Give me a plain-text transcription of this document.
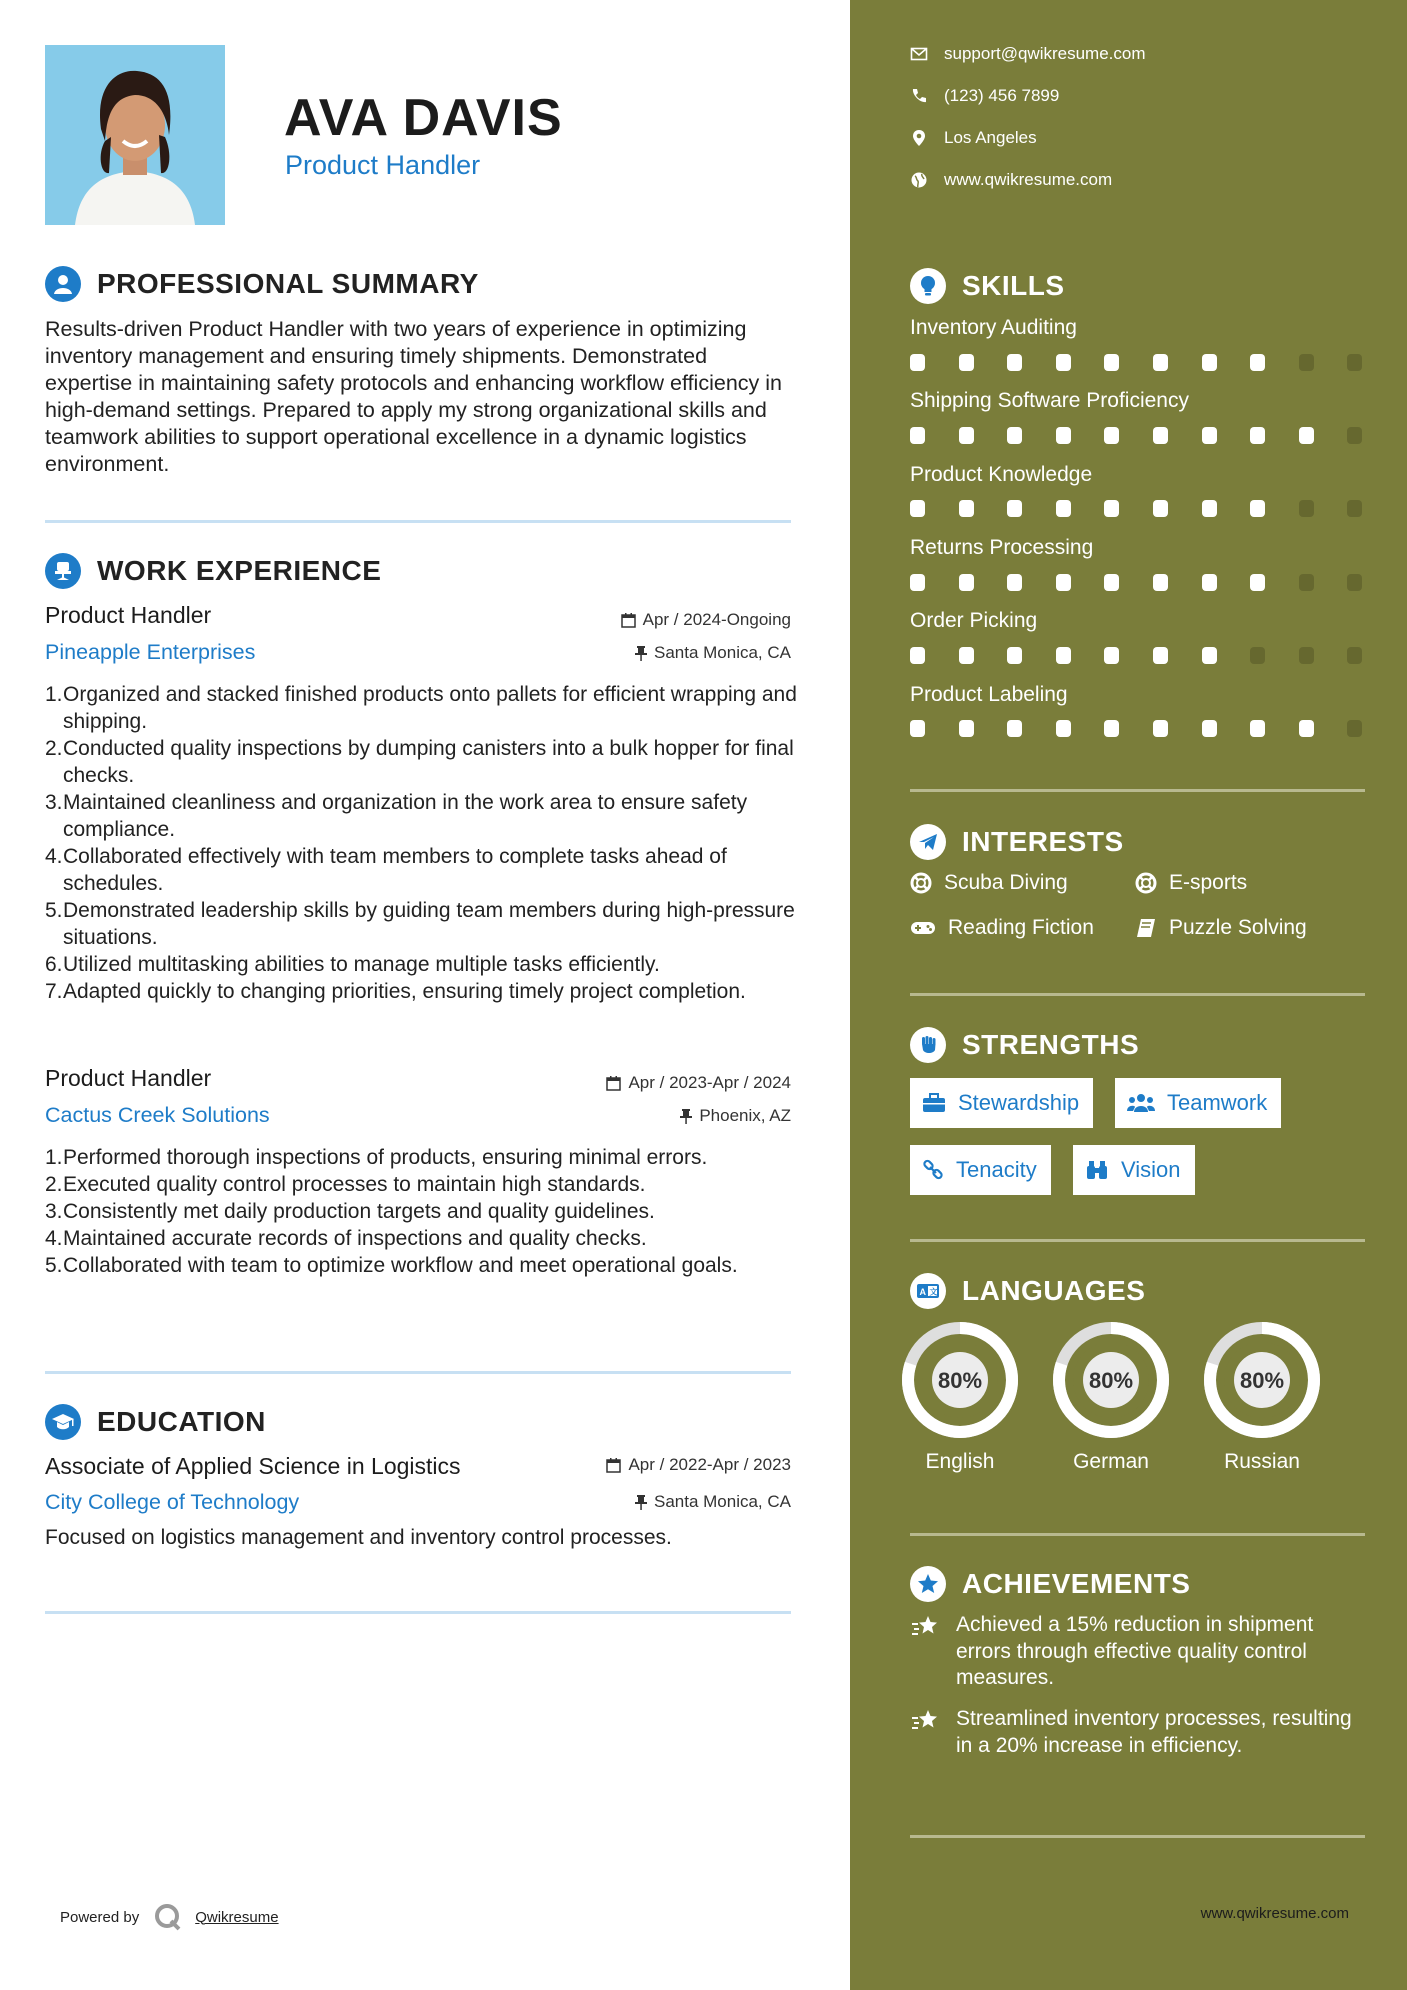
AVA DAVIS
Product Handler
PROFESSIONAL SUMMARY
Results-driven Product Handler with two years of experience in optimizing inventory management and ensuring timely shipments. Demonstrated expertise in maintaining safety protocols and enhancing workflow efficiency in high-demand settings. Prepared to apply my strong organizational skills and teamwork abilities to support operational excellence in a dynamic logistics environment.
WORK EXPERIENCE
Product Handler	Apr / 2024-Ongoing
Pineapple Enterprises	Santa Monica, CA
1. Organized and stacked finished products onto pallets for efficient wrapping and shipping.
2. Conducted quality inspections by dumping canisters into a bulk hopper for final checks.
3. Maintained cleanliness and organization in the work area to ensure safety compliance.
4. Collaborated effectively with team members to complete tasks ahead of schedules.
5. Demonstrated leadership skills by guiding team members during high-pressure situations.
6. Utilized multitasking abilities to manage multiple tasks efficiently.
7. Adapted quickly to changing priorities, ensuring timely project completion.
Product Handler	Apr / 2023-Apr / 2024
Cactus Creek Solutions	Phoenix, AZ
1. Performed thorough inspections of products, ensuring minimal errors.
2. Executed quality control processes to maintain high standards.
3. Consistently met daily production targets and quality guidelines.
4. Maintained accurate records of inspections and quality checks.
5. Collaborated with team to optimize workflow and meet operational goals.
EDUCATION
Associate of Applied Science in Logistics	Apr / 2022-Apr / 2023
City College of Technology	Santa Monica, CA
Focused on logistics management and inventory control processes.
Powered by	Qwikresume
support@qwikresume.com
(123) 456 7899
Los Angeles
www.qwikresume.com
SKILLS
Inventory Auditing
Shipping Software Proficiency
Product Knowledge
Returns Processing
Order Picking
Product Labeling
INTERESTS
Scuba Diving	E-sports
Reading Fiction	Puzzle Solving
STRENGTHS
Stewardship	Teamwork
Tenacity	Vision
A 文 LANGUAGES
80%
English
80%
German
80%
Russian
ACHIEVEMENTS
Achieved a 15% reduction in shipment errors through effective quality control measures.
Streamlined inventory processes, resulting in a 20% increase in efficiency.
www.qwikresume.com
